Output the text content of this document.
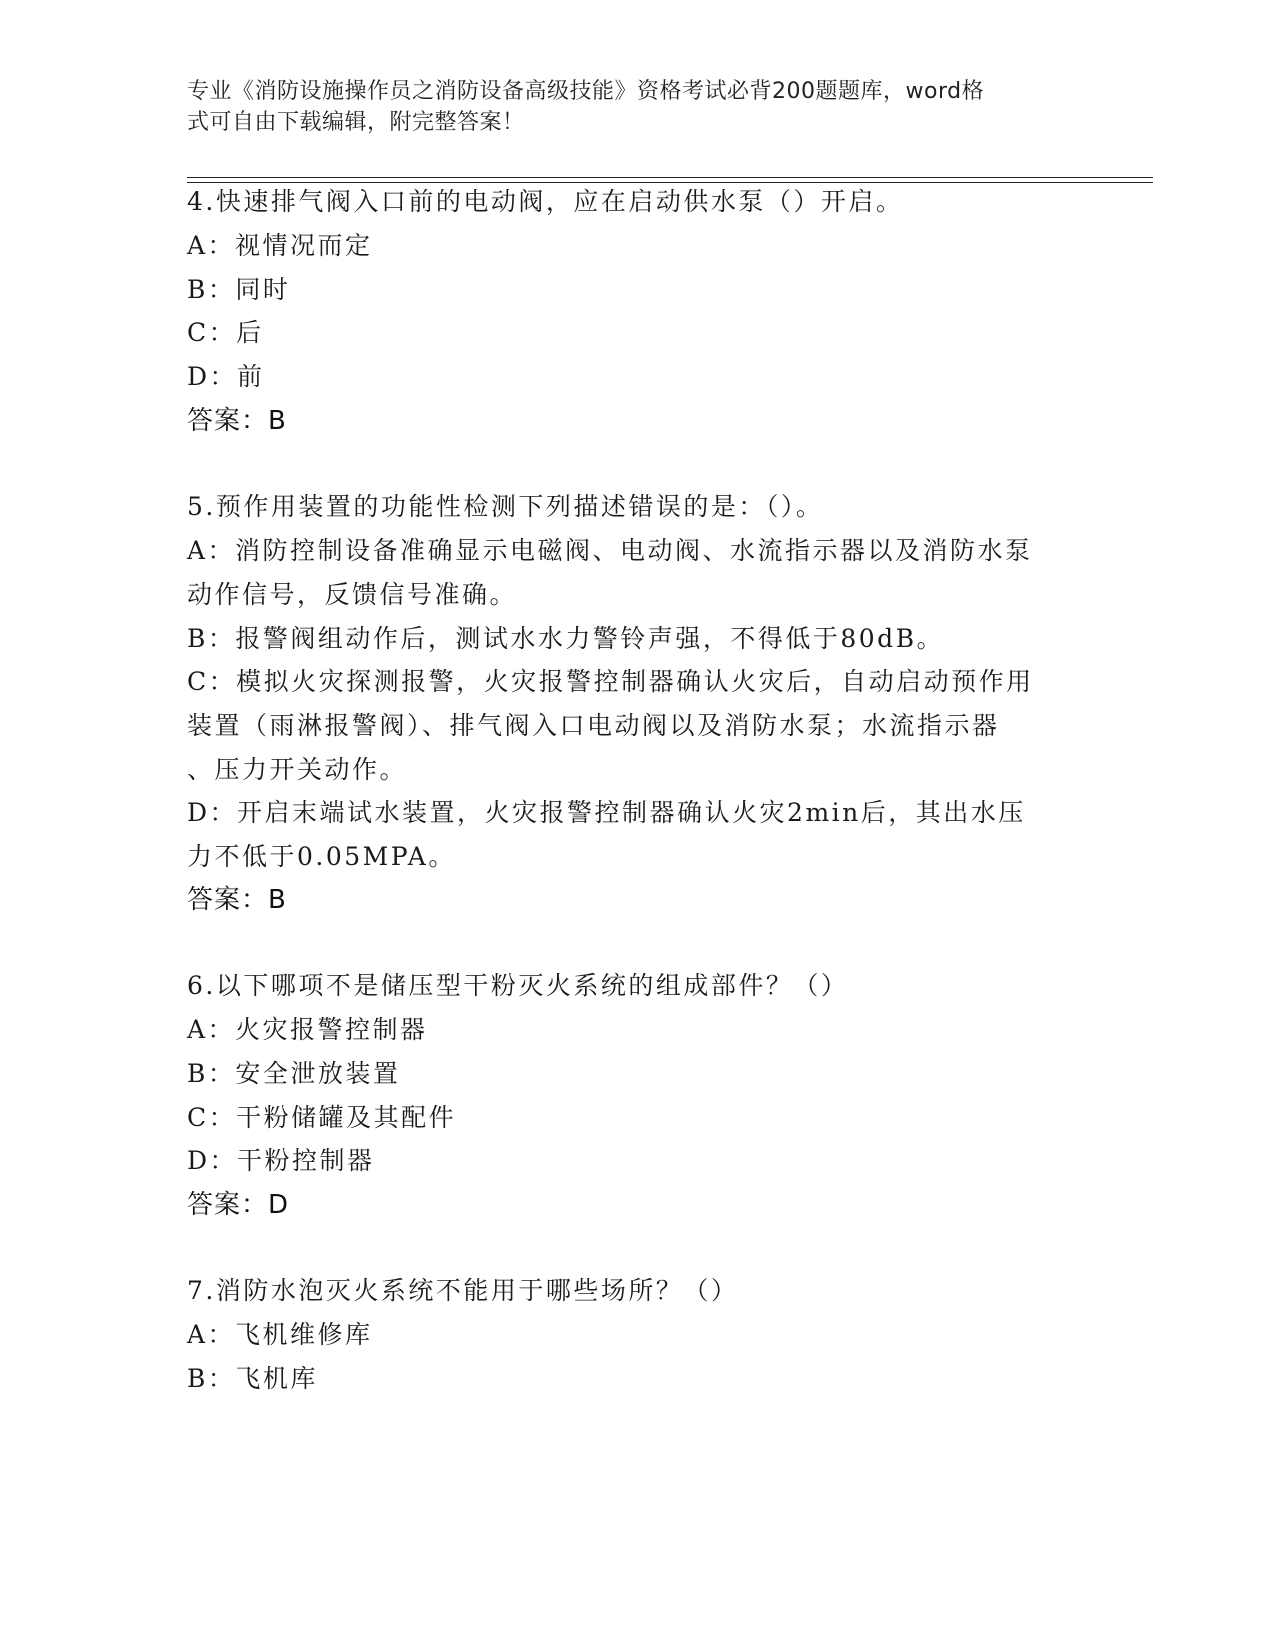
专业《消防设施操作员之消防设备高级技能》资格考试必背200题题库，word格
式可自由下载编辑，附完整答案！
4.快速排气阀入口前的电动阀，应在启动供水泵（）开启。
A：视情况而定
B：同时
C：后
D：前
答案：B
5.预作用装置的功能性检测下列描述错误的是：（）。
A：消防控制设备准确显示电磁阀、电动阀、水流指示器以及消防水泵
动作信号，反馈信号准确。
B：报警阀组动作后，测试水水力警铃声强，不得低于80dB。
C：模拟火灾探测报警，火灾报警控制器确认火灾后，自动启动预作用
装置（雨淋报警阀）、排气阀入口电动阀以及消防水泵；水流指示器
、压力开关动作。
D：开启末端试水装置，火灾报警控制器确认火灾2min后，其出水压
力不低于0.05MPA。
答案：B
6.以下哪项不是储压型干粉灭火系统的组成部件？（）
A：火灾报警控制器
B：安全泄放装置
C：干粉储罐及其配件
D：干粉控制器
答案：D
7.消防水泡灭火系统不能用于哪些场所？（）
A：飞机维修库
B：飞机库
